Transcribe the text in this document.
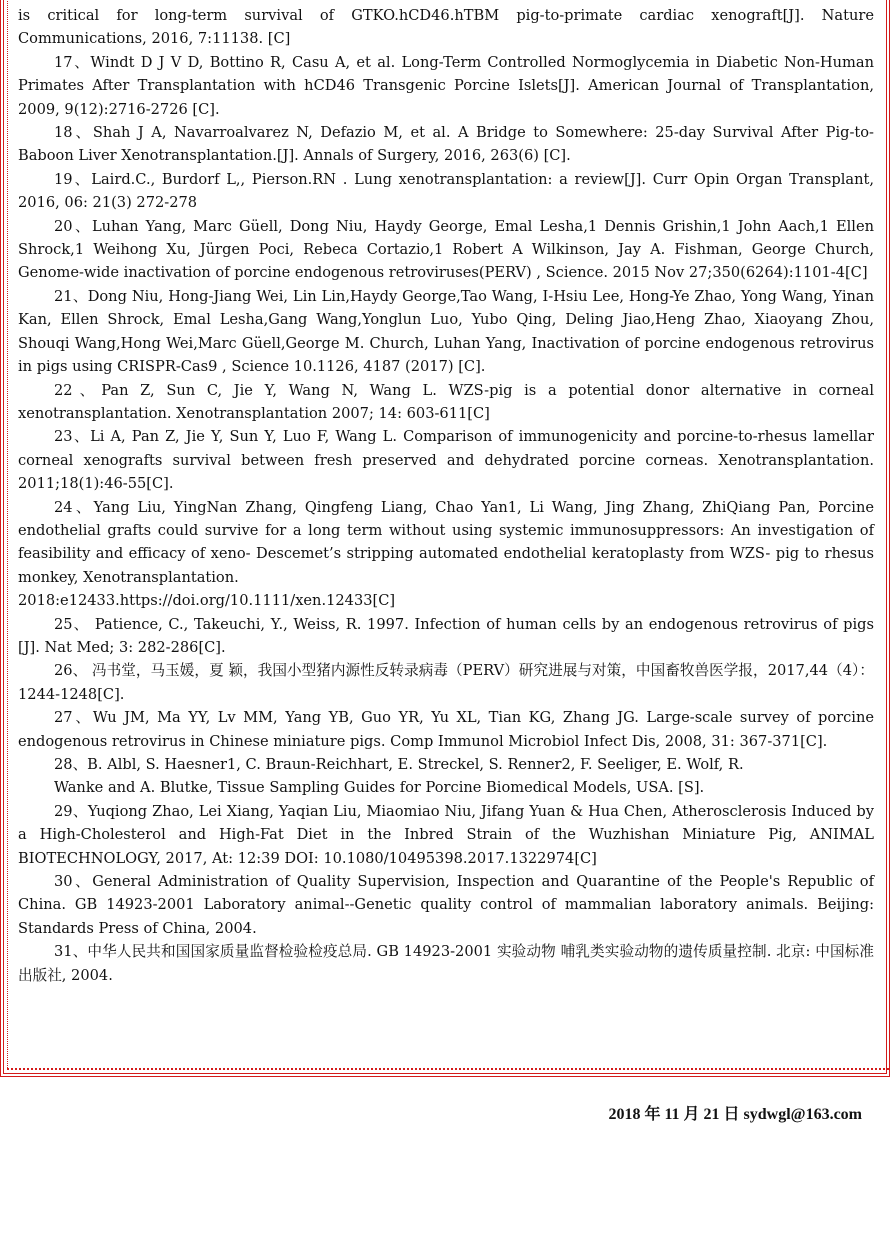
is critical for long-term survival of GTKO.hCD46.hTBM pig-to-primate cardiac xenograft[J]. Nature Communications, 2016, 7:11138. [C]

17、Windt D J V D, Bottino R, Casu A, et al. Long‐Term Controlled Normoglycemia in Diabetic Non‐Human Primates After Transplantation with hCD46 Transgenic Porcine Islets[J]. American Journal of Transplantation, 2009, 9(12):2716-2726 [C].

18、Shah J A, Navarroalvarez N, Defazio M, et al. A Bridge to Somewhere: 25-day Survival After Pig-to-Baboon Liver Xenotransplantation.[J]. Annals of Surgery, 2016, 263(6) [C].

19、Laird.C., Burdorf L,, Pierson.RN . Lung xenotransplantation: a review[J]. Curr Opin Organ Transplant, 2016, 06: 21(3) 272-278

20、Luhan Yang, Marc Güell, Dong Niu, Haydy George, Emal Lesha,1 Dennis Grishin,1 John Aach,1 Ellen Shrock,1 Weihong Xu, Jürgen Poci, Rebeca Cortazio,1 Robert A Wilkinson, Jay A. Fishman, George Church, Genome-wide inactivation of porcine endogenous retroviruses(PERV) , Science. 2015 Nov 27;350(6264):1101-4[C]

21、Dong Niu, Hong-Jiang Wei, Lin Lin,Haydy George,Tao Wang, I-Hsiu Lee, Hong-Ye Zhao, Yong Wang, Yinan Kan, Ellen Shrock, Emal Lesha,Gang Wang,Yonglun Luo, Yubo Qing, Deling Jiao,Heng Zhao, Xiaoyang Zhou, Shouqi Wang,Hong Wei,Marc Güell,George M. Church, Luhan Yang, Inactivation of porcine endogenous retrovirus in pigs using CRISPR-Cas9 , Science 10.1126, 4187 (2017) [C].

22、Pan Z, Sun C, Jie Y, Wang N, Wang L. WZS-pig is a potential donor alternative in corneal xenotransplantation. Xenotransplantation 2007; 14: 603‐611[C]

23、Li A, Pan Z, Jie Y, Sun Y, Luo F, Wang L. Comparison of immunogenicity and porcine-to-rhesus lamellar corneal xenografts survival between fresh preserved and dehydrated porcine corneas. Xenotransplantation. 2011;18(1):46-55[C].

24、Yang Liu, YingNan Zhang, Qingfeng Liang, Chao Yan1, Li Wang, Jing Zhang, ZhiQiang Pan, Porcine endothelial grafts could survive for a long term without using systemic immunosuppressors: An investigation of feasibility and efficacy of xeno- Descemet’s stripping automated endothelial keratoplasty from WZS- pig to rhesus monkey, Xenotransplantation.

2018:e12433.https://doi.org/10.1111/xen.12433[C]

25、 Patience, C., Takeuchi, Y., Weiss, R. 1997. Infection of human cells by an endogenous retrovirus of pigs [J]. Nat Med; 3: 282‐286[C].

26、 冯书堂，马玉媛，夏 颖，我国小型猪内源性反转录病毒（PERV）研究进展与对策，中国畜牧兽医学报，2017,44（4）：1244-1248[C].

27、Wu JM, Ma YY, Lv MM, Yang YB, Guo YR, Yu XL, Tian KG, Zhang JG. Large-scale survey of porcine endogenous retrovirus in Chinese miniature pigs. Comp Immunol Microbiol Infect Dis, 2008, 31: 367-371[C].

28、B. Albl, S. Haesner1, C. Braun-Reichhart, E. Streckel, S. Renner2, F. Seeliger, E. Wolf, R.

Wanke and A. Blutke, Tissue Sampling Guides for Porcine Biomedical Models, USA. [S].

29、Yuqiong Zhao, Lei Xiang, Yaqian Liu, Miaomiao Niu, Jifang Yuan & Hua Chen, Atherosclerosis Induced by a High-Cholesterol and High-Fat Diet in the Inbred Strain of the Wuzhishan Miniature Pig, ANIMAL BIOTECHNOLOGY, 2017, At: 12:39 DOI: 10.1080/10495398.2017.1322974[C]

30、General Administration of Quality Supervision, Inspection and Quarantine of the People's Republic of China. GB 14923‐2001 Laboratory animal--Genetic quality control of mammalian laboratory animals. Beijing: Standards Press of China, 2004.

31、中华人民共和国国家质量监督检验检疫总局. GB 14923‐2001 实验动物 哺乳类实验动物的遗传质量控制. 北京: 中国标准出版社, 2004.

2018 年 11 月 21 日 sydwgl@163.com
